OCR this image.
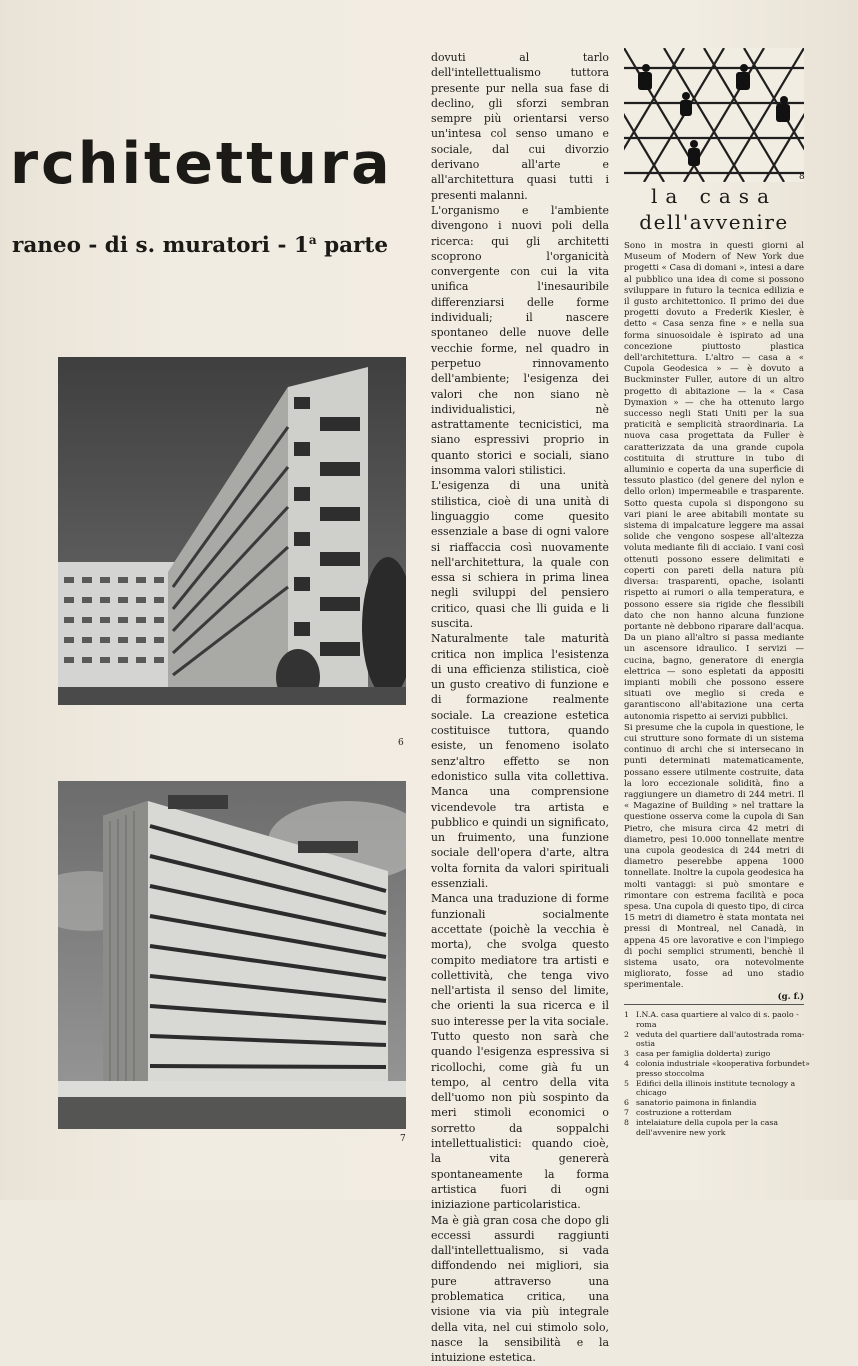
rchitettura
raneo - di s. muratori - 1$^a$ parte
6
7
8

dovuti al tarlo dell'intellettualismo tuttora presente pur nella sua fase di declino, gli sforzi sembran sempre più orientarsi verso un'intesa col senso umano e sociale, dal cui divorzio derivano all'arte e all'architettura quasi tutti i presenti malanni.

L'organismo e l'ambiente divengono i nuovi poli della ricerca: qui gli architetti scoprono l'organicità convergente con cui la vita unifica l'inesauribile differenziarsi delle forme individuali; il nascere spontaneo delle nuove delle vecchie forme, nel quadro in perpetuo rinnovamento dell'ambiente; l'esigenza dei valori che non siano nè individualistici, nè astrattamente tecnicistici, ma siano espressivi proprio in quanto storici e sociali, siano insomma valori stilistici.

L'esigenza di una unità stilistica, cioè di una unità di linguaggio come quesito essenziale a base di ogni valore si riaffaccia così nuovamente nell'architettura, la quale con essa si schiera in prima linea negli sviluppi del pensiero critico, quasi che lli guida e li suscita.

Naturalmente tale maturità critica non implica l'esistenza di una efficienza stilistica, cioè un gusto creativo di funzione e di formazione realmente sociale. La creazione estetica costituisce tuttora, quando esiste, un fenomeno isolato senz'altro effetto se non edonistico sulla vita collettiva. Manca una comprensione vicendevole tra artista e pubblico e quindi un significato, un fruimento, una funzione sociale dell'opera d'arte, altra volta fornita da valori spirituali essenziali.

Manca una traduzione di forme funzionali socialmente accettate (poichè la vecchia è morta), che svolga questo compito mediatore tra artisti e collettività, che tenga vivo nell'artista il senso del limite, che orienti la sua ricerca e il suo interesse per la vita sociale.

Tutto questo non sarà che quando l'esigenza espressiva si ricollochi, come già fu un tempo, al centro della vita dell'uomo non più sospinto da meri stimoli economici o sorretto da soppalchi intellettualistici: quando cioè, la vita genererà spontaneamente la forma artistica fuori di ogni iniziazione particolaristica.

Ma è già gran cosa che dopo gli eccessi assurdi raggiunti dall'intellettualismo, si vada diffondendo nei migliori, sia pure attraverso una problematica critica, una visione via via più integrale della vita, nel cui stimolo solo, nasce la sensibilità e la intuizione estetica.

la casa
dell'avvenire

Sono in mostra in questi giorni al Museum of Modern of New York due progetti « Casa di domani », intesi a dare al pubblico una idea di come si possono sviluppare in futuro la tecnica edilizia e il gusto architettonico. Il primo dei due progetti dovuto a Frederik Kiesler, è detto « Casa senza fine » e nella sua forma sinuosoidale è ispirato ad una concezione piuttosto plastica dell'architettura. L'altro — casa a « Cupola Geodesica » — è dovuto a Buckminster Fuller, autore di un altro progetto di abitazione — la « Casa Dymaxion » — che ha ottenuto largo successo negli Stati Uniti per la sua praticità e semplicità straordinaria. La nuova casa progettata da Fuller è caratterizzata da una grande cupola costituita di strutture in tubo di alluminio e coperta da una superficie di tessuto plastico (del genere del nylon e dello orlon) impermeabile e trasparente. Sotto questa cupola si dispongono su vari piani le aree abitabili montate su sistema di impalcature leggere ma assai solide che vengono sospese all'altezza voluta mediante fili di acciaio. I vani così ottenuti possono essere delimitati e coperti con pareti della natura più diversa: trasparenti, opache, isolanti rispetto ai rumori o alla temperatura, e possono essere sia rigide che flessibili dato che non hanno alcuna funzione portante nè debbono riparare dall'acqua. Da un piano all'altro si passa mediante un ascensore idraulico. I servizi — cucina, bagno, generatore di energia elettrica — sono espletati da appositi impianti mobili che possono essere situati ove meglio si creda e garantiscono all'abitazione una certa autonomia rispetto ai servizi pubblici.

Si presume che la cupola in questione, le cui strutture sono formate di un sistema continuo di archi che si intersecano in punti determinati matematicamente, possano essere utilmente costruite, data la loro eccezionale solidità, fino a raggiungere un diametro di 244 metri. Il « Magazine of Building » nel trattare la questione osserva come la cupola di San Pietro, che misura circa 42 metri di diametro, pesi 10.000 tonnellate mentre una cupola geodesica di 244 metri di diametro peserebbe appena 1000 tonnellate. Inoltre la cupola geodesica ha molti vantaggi: si può smontare e rimontare con estrema facilità e poca spesa. Una cupola di questo tipo, di circa 15 metri di diametro è stata montata nei pressi di Montreal, nel Canadà, in appena 45 ore lavorative e con l'impiego di pochi semplici strumenti, benchè il sistema usato, ora notevolmente migliorato, fosse ad uno stadio sperimentale.

(g. f.)
1 I.N.A. casa quartiere al valco di s. paolo - roma
2 veduta del quartiere dall'autostrada roma-ostia
3 casa per famiglia dolderta) zurigo
4 colonia industriale «kooperativa forbundet» presso stoccolma
5 Edifici della illinois institute tecnology a chicago
6 sanatorio paimona in finlandia
7 costruzione a rotterdam
8 intelaiature della cupola per la casa dell'avvenire new york
